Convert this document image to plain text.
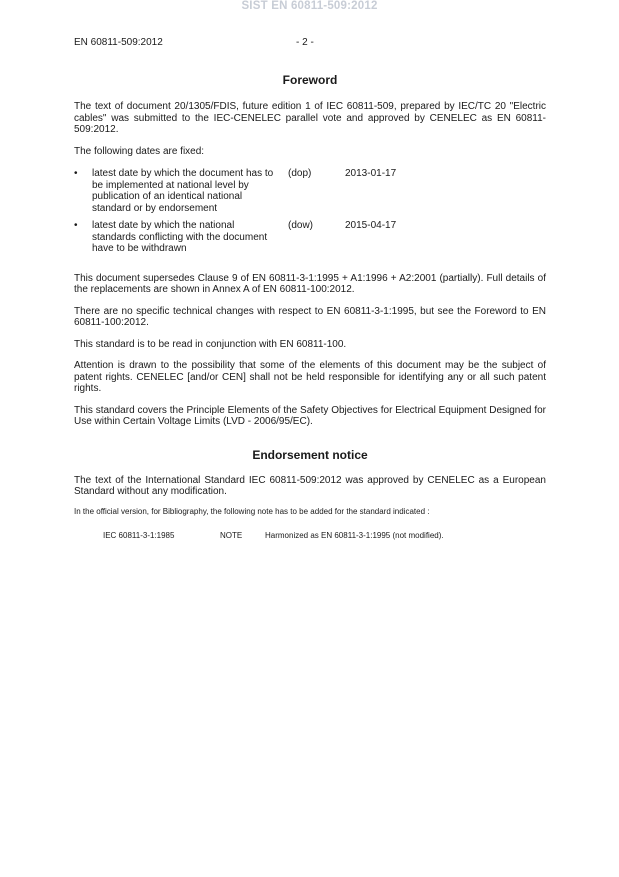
SIST EN 60811-509:2012
EN 60811-509:2012	- 2 -
Foreword

The text of document 20/1305/FDIS, future edition 1 of IEC 60811-509, prepared by IEC/TC 20 "Electric cables" was submitted to the IEC-CENELEC parallel vote and approved by CENELEC as EN 60811-509:2012.

The following dates are fixed:

•	latest date by which the document has to be implemented at national level by publication of an identical national standard or by endorsement
(dop)	2013-01-17
•	latest date by which the national standards conflicting with the document have to be withdrawn
(dow)	2015-04-17

This document supersedes Clause 9 of EN 60811-3-1:1995 + A1:1996 + A2:2001 (partially). Full details of the replacements are shown in Annex A of EN 60811-100:2012.

There are no specific technical changes with respect to EN 60811-3-1:1995, but see the Foreword to EN 60811-100:2012.

This standard is to be read in conjunction with EN 60811-100.

Attention is drawn to the possibility that some of the elements of this document may be the subject of patent rights. CENELEC [and/or CEN] shall not be held responsible for identifying any or all such patent rights.

This standard covers the Principle Elements of the Safety Objectives for Electrical Equipment Designed for Use within Certain Voltage Limits (LVD - 2006/95/EC).

Endorsement notice

The text of the International Standard IEC 60811-509:2012 was approved by CENELEC as a European Standard without any modification.

In the official version, for Bibliography, the following note has to be added for the standard indicated :

IEC 60811-3-1:1985	NOTE	Harmonized as EN 60811-3-1:1995 (not modified).
